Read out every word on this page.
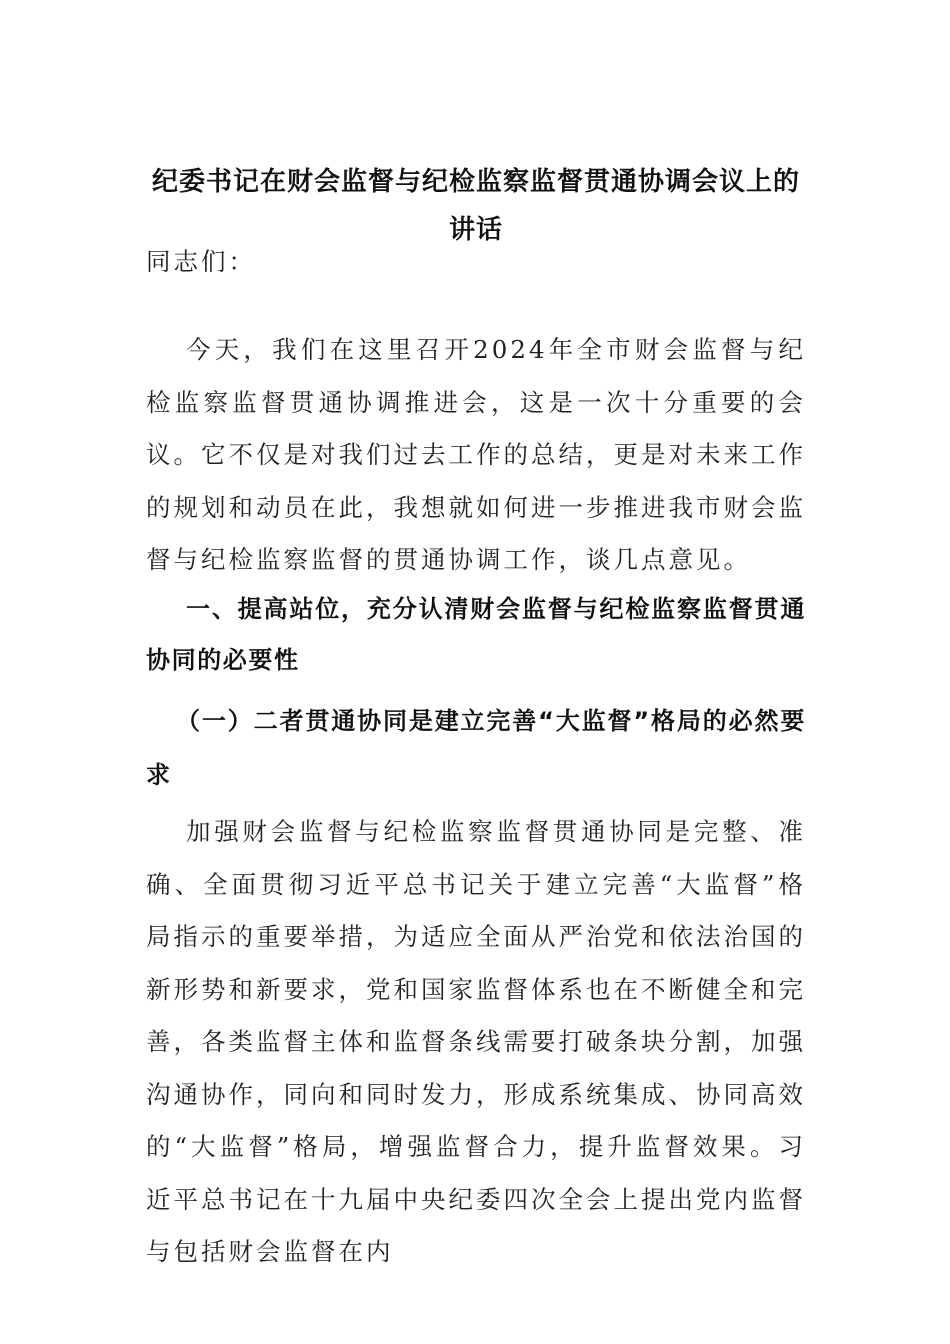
纪委书记在财会监督与纪检监察监督贯通协调会议上的讲话
同志们：
今天，我们在这里召开2024年全市财会监督与纪检监察监督贯通协调推进会，这是一次十分重要的会议。它不仅是对我们过去工作的总结，更是对未来工作的规划和动员在此，我想就如何进一步推进我市财会监督与纪检监察监督的贯通协调工作，谈几点意见。
一、提高站位，充分认清财会监督与纪检监察监督贯通协同的必要性
（一）二者贯通协同是建立完善“大监督”格局的必然要求
加强财会监督与纪检监察监督贯通协同是完整、准确、全面贯彻习近平总书记关于建立完善“大监督”格局指示的重要举措，为适应全面从严治党和依法治国的新形势和新要求，党和国家监督体系也在不断健全和完善，各类监督主体和监督条线需要打破条块分割，加强沟通协作，同向和同时发力，形成系统集成、协同高效的“大监督”格局，增强监督合力，提升监督效果。习近平总书记在十九届中央纪委四次全会上提出党内监督与包括财会监督在内
